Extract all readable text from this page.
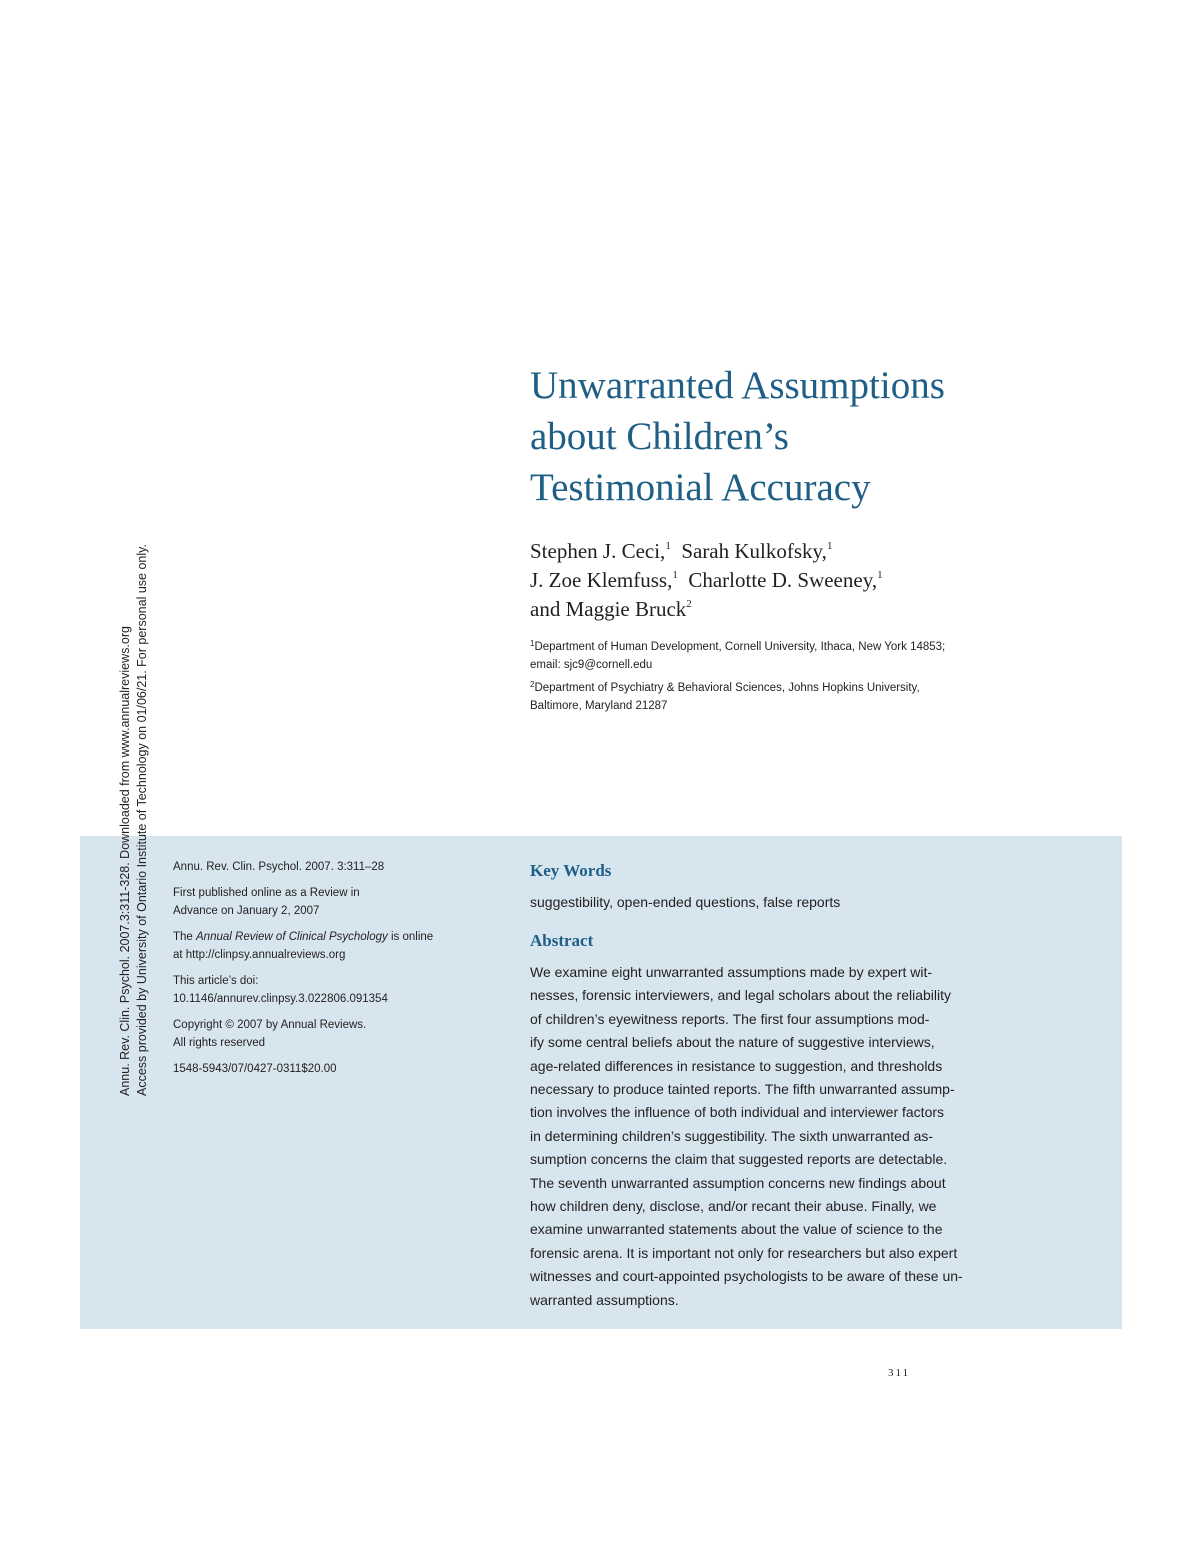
Unwarranted Assumptions
about Children’s
Testimonial Accuracy
Stephen J. Ceci,$^1$ Sarah Kulkofsky,$^1$
J. Zoe Klemfuss,$^1$ Charlotte D. Sweeney,$^1$
and Maggie Bruck$^2$
$^1$Department of Human Development, Cornell University, Ithaca, New York 14853;
email: sjc9@cornell.edu
$^2$Department of Psychiatry & Behavioral Sciences, Johns Hopkins University,
Baltimore, Maryland 21287
Annu. Rev. Clin. Psychol. 2007.3:311-328. Downloaded from www.annualreviews.org Access provided by University of Ontario Institute of Technology on 01/06/21. For personal use only. Annu. Rev. Clin. Psychol. 2007. 3:311–28

First published online as a Review in
Advance on January 2, 2007

The Annual Review of Clinical Psychology is online
at http://clinpsy.annualreviews.org

This article’s doi:
10.1146/annurev.clinpsy.3.022806.091354

Copyright © 2007 by Annual Reviews.
All rights reserved

1548-5943/07/0427-0311$20.00

Key Words

suggestibility, open-ended questions, false reports

Abstract
We examine eight unwarranted assumptions made by expert wit-
nesses, forensic interviewers, and legal scholars about the reliability
of children’s eyewitness reports. The first four assumptions mod-
ify some central beliefs about the nature of suggestive interviews,
age-related differences in resistance to suggestion, and thresholds
necessary to produce tainted reports. The fifth unwarranted assump-
tion involves the influence of both individual and interviewer factors
in determining children’s suggestibility. The sixth unwarranted as-
sumption concerns the claim that suggested reports are detectable.
The seventh unwarranted assumption concerns new findings about
how children deny, disclose, and/or recant their abuse. Finally, we
examine unwarranted statements about the value of science to the
forensic arena. It is important not only for researchers but also expert
witnesses and court-appointed psychologists to be aware of these un-
warranted assumptions.
311
